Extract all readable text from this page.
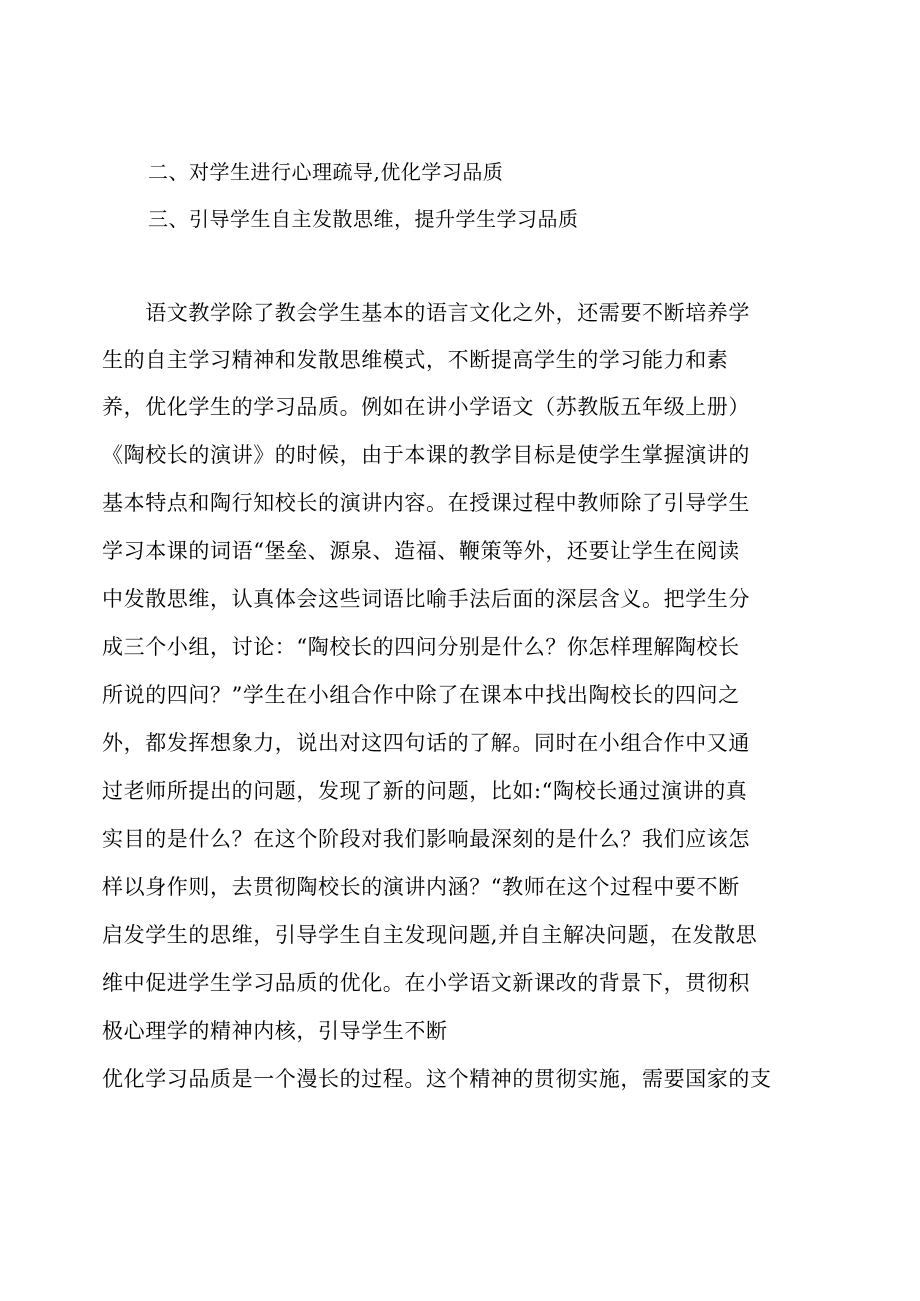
二、对学生进行心理疏导,优化学习品质
三、引导学生自主发散思维，提升学生学习品质
　　语文教学除了教会学生基本的语言文化之外，还需要不断培养学
生的自主学习精神和发散思维模式，不断提高学生的学习能力和素
养，优化学生的学习品质。例如在讲小学语文（苏教版五年级上册）
《陶校长的演讲》的时候，由于本课的教学目标是使学生掌握演讲的
基本特点和陶行知校长的演讲内容。在授课过程中教师除了引导学生
学习本课的词语“堡垒、源泉、造福、鞭策等外，还要让学生在阅读
中发散思维，认真体会这些词语比喻手法后面的深层含义。把学生分
成三个小组，讨论：“陶校长的四问分别是什么？你怎样理解陶校长
所说的四问？”学生在小组合作中除了在课本中找出陶校长的四问之
外，都发挥想象力，说出对这四句话的了解。同时在小组合作中又通
过老师所提出的问题，发现了新的问题，比如:“陶校长通过演讲的真
实目的是什么？在这个阶段对我们影响最深刻的是什么？我们应该怎
样以身作则，去贯彻陶校长的演讲内涵？“教师在这个过程中要不断
启发学生的思维，引导学生自主发现问题,并自主解决问题，在发散思
维中促进学生学习品质的优化。在小学语文新课改的背景下，贯彻积
极心理学的精神内核，引导学生不断
优化学习品质是一个漫长的过程。这个精神的贯彻实施，需要国家的支
